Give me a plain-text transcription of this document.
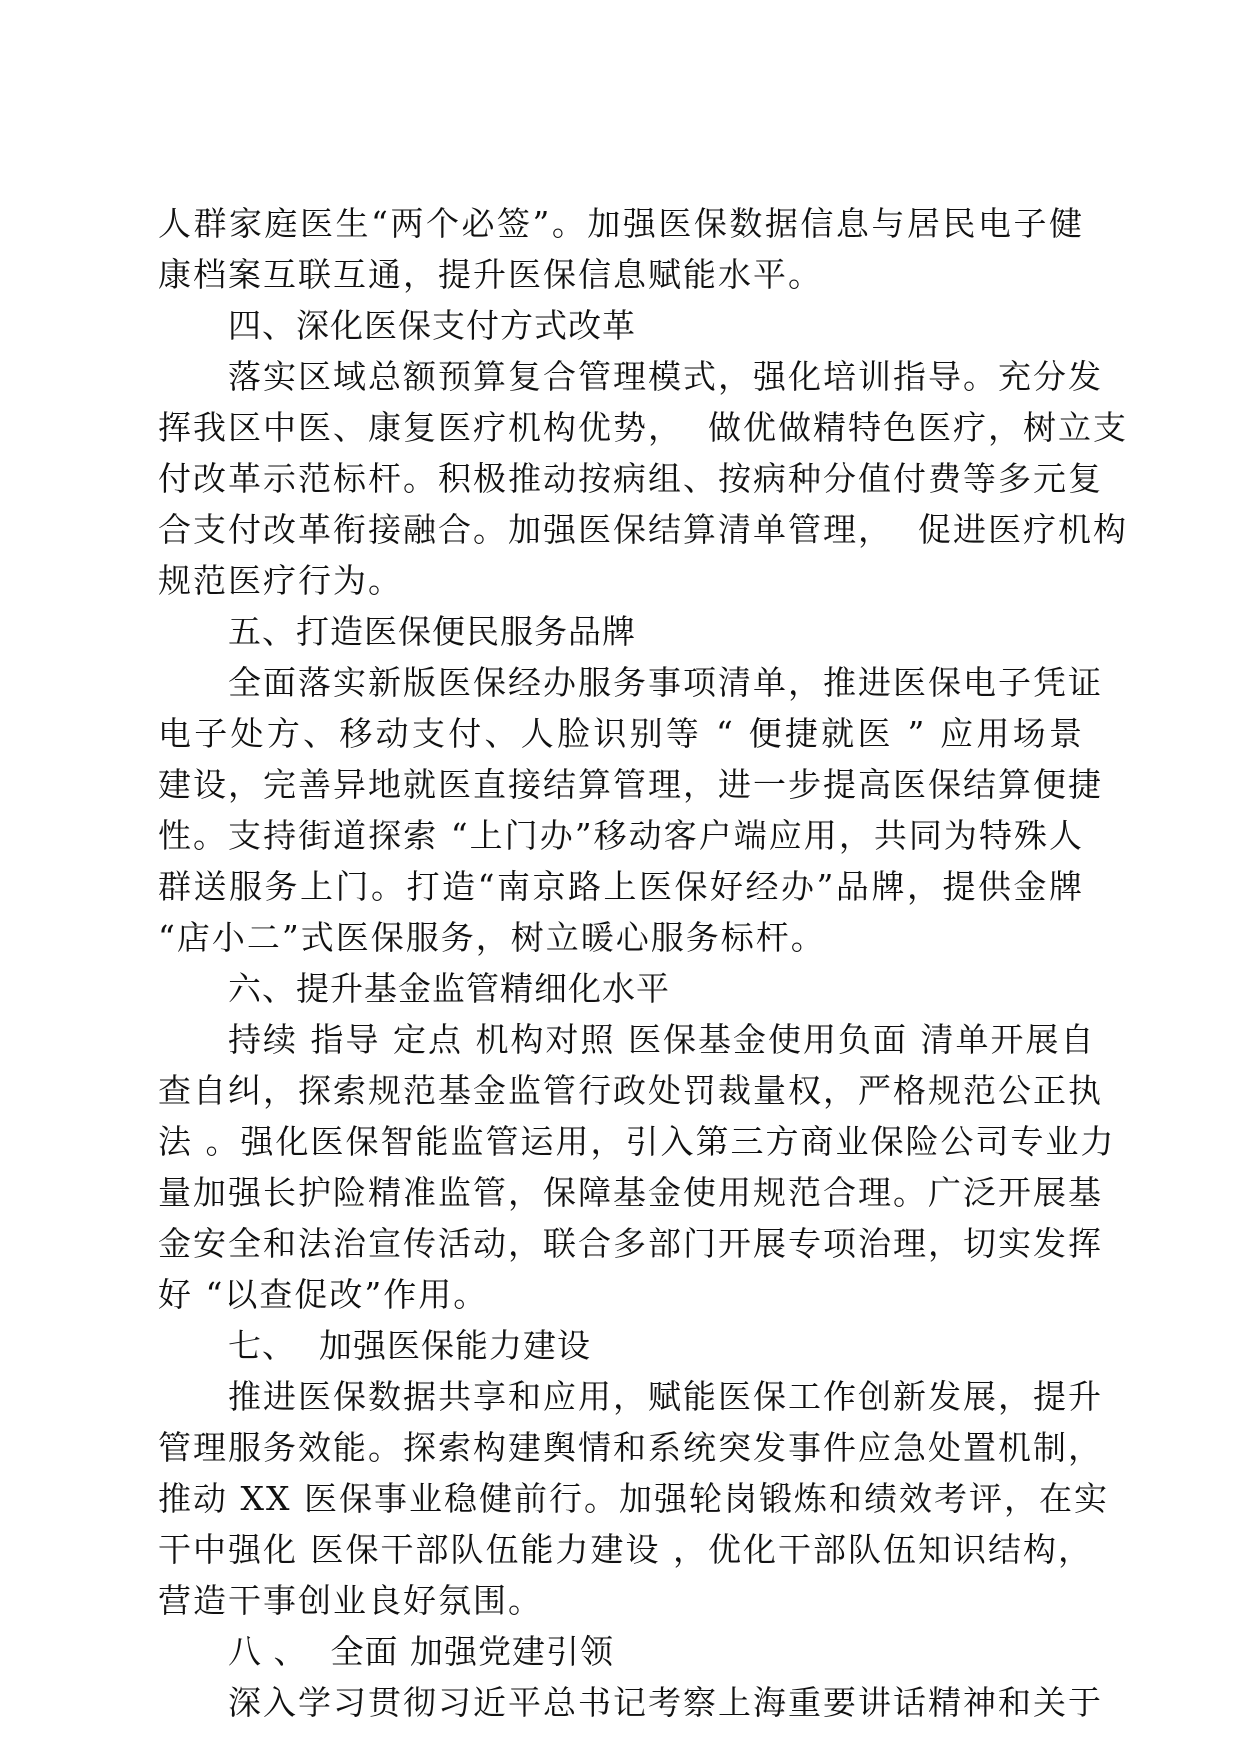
人群家庭医生“两个必签”。加强医保数据信息与居民电子健

康档案互联互通，提升医保信息赋能水平。

四、深化医保支付方式改革

落实区域总额预算复合管理模式，强化培训指导。充分发

挥我区中医、康复医疗机构优势，  做优做精特色医疗，树立支

付改革示范标杆。积极推动按病组、按病种分值付费等多元复

合支付改革衔接融合。加强医保结算清单管理，  促进医疗机构

规范医疗行为。

五、打造医保便民服务品牌

全面落实新版医保经办服务事项清单，推进医保电子凭证

电子处方、移动支付、人脸识别等 “ 便捷就医 ” 应用场景

建设，完善异地就医直接结算管理，进一步提高医保结算便捷

性。支持街道探索 “上门办”移动客户端应用，共同为特殊人

群送服务上门。打造“南京路上医保好经办”品牌，提供金牌

“店小二”式医保服务，树立暖心服务标杆。

六、提升基金监管精细化水平

持续 指导 定点 机构对照 医保基金使用负面 清单开展自

查自纠，探索规范基金监管行政处罚裁量权，严格规范公正执

法 。强化医保智能监管运用，引入第三方商业保险公司专业力

量加强长护险精准监管，保障基金使用规范合理。广泛开展基

金安全和法治宣传活动，联合多部门开展专项治理，切实发挥

好 “以查促改”作用。

七、  加强医保能力建设

推进医保数据共享和应用，赋能医保工作创新发展，提升

管理服务效能。探索构建舆情和系统突发事件应急处置机制，

推动 XX 医保事业稳健前行。加强轮岗锻炼和绩效考评，在实

干中强化 医保干部队伍能力建设 ，优化干部队伍知识结构，

营造干事创业良好氛围。

八 、  全面 加强党建引领

深入学习贯彻习近平总书记考察上海重要讲话精神和关于
